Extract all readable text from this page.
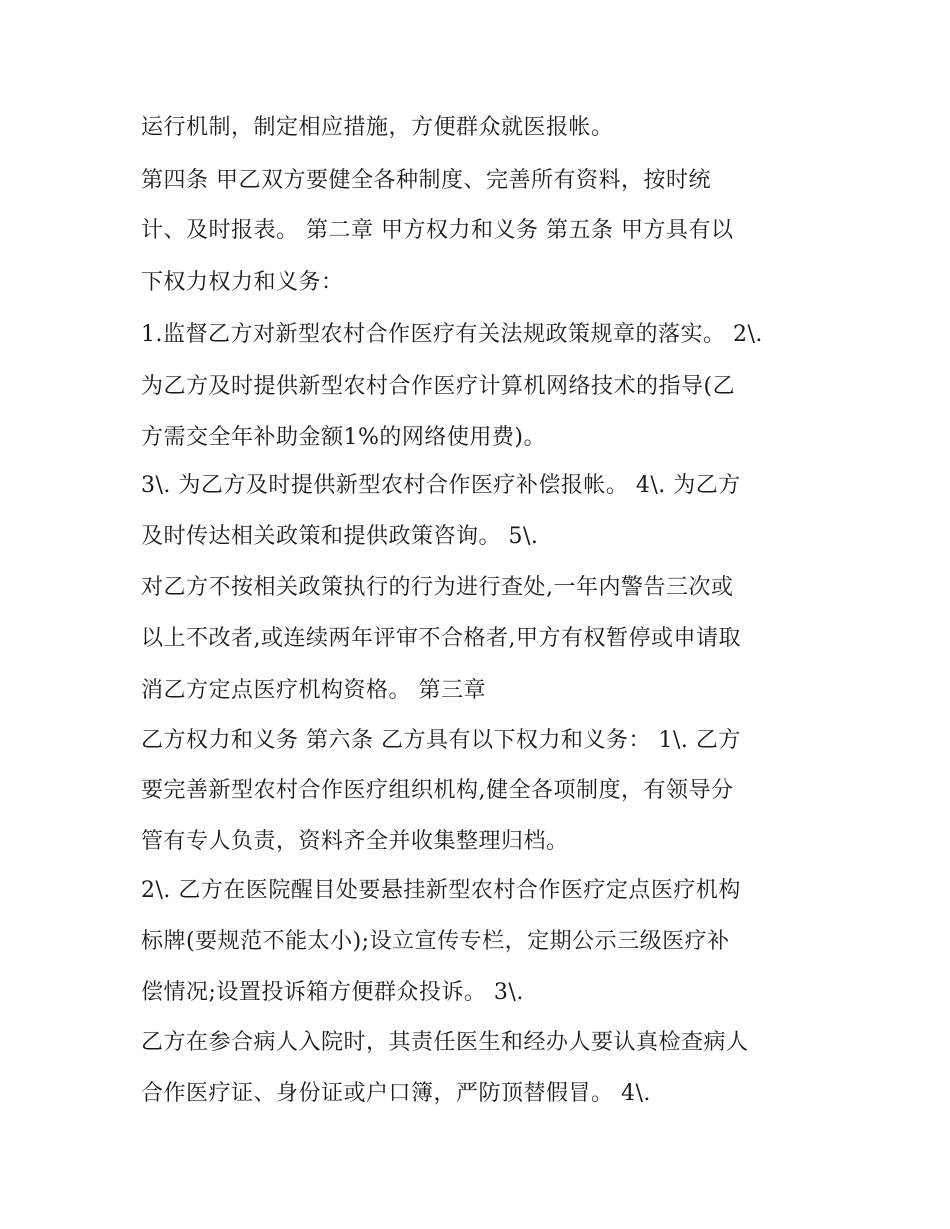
运行机制，制定相应措施，方便群众就医报帐。
第四条 甲乙双方要健全各种制度、完善所有资料，按时统
计、及时报表。 第二章 甲方权力和义务 第五条 甲方具有以
下权力权力和义务：
1.监督乙方对新型农村合作医疗有关法规政策规章的落实。 2\.
为乙方及时提供新型农村合作医疗计算机网络技术的指导(乙
方需交全年补助金额1%的网络使用费)。
3\. 为乙方及时提供新型农村合作医疗补偿报帐。 4\. 为乙方
及时传达相关政策和提供政策咨询。 5\.
对乙方不按相关政策执行的行为进行查处,一年内警告三次或
以上不改者,或连续两年评审不合格者,甲方有权暂停或申请取
消乙方定点医疗机构资格。 第三章
乙方权力和义务 第六条 乙方具有以下权力和义务： 1\. 乙方
要完善新型农村合作医疗组织机构,健全各项制度，有领导分
管有专人负责，资料齐全并收集整理归档。
2\. 乙方在医院醒目处要悬挂新型农村合作医疗定点医疗机构
标牌(要规范不能太小);设立宣传专栏，定期公示三级医疗补
偿情况;设置投诉箱方便群众投诉。 3\.
乙方在参合病人入院时，其责任医生和经办人要认真检查病人
合作医疗证、身份证或户口簿，严防顶替假冒。 4\.
